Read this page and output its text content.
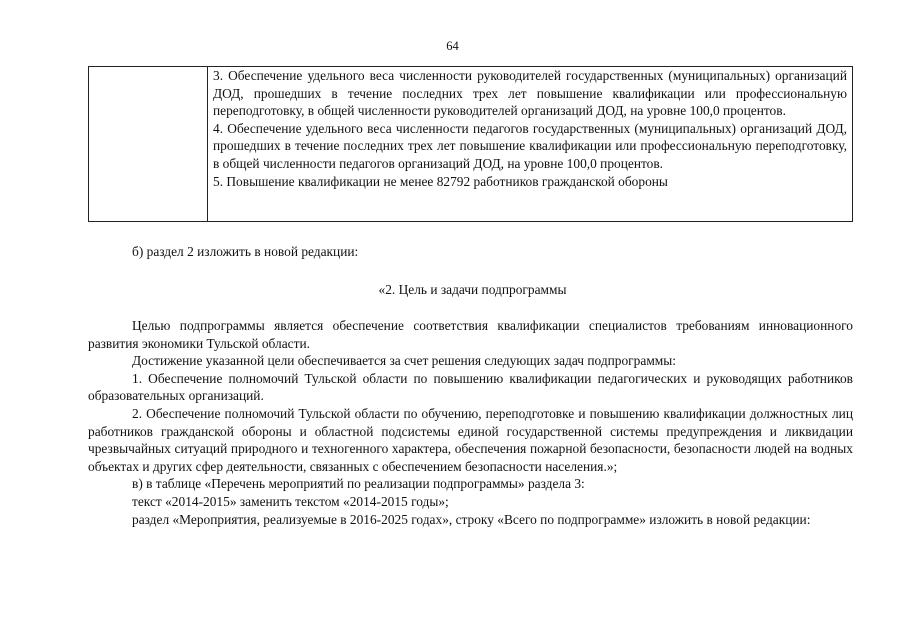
64

3. Обеспечение удельного веса численности руководителей государственных (муниципальных) организаций ДОД, прошедших в течение последних трех лет повышение квалификации или профессиональную переподготовку, в общей численности руководителей организаций ДОД, на уровне 100,0 процентов.

4. Обеспечение удельного веса численности педагогов государственных (муниципальных) организаций ДОД, прошедших в течение последних трех лет повышение квалификации или профессиональную переподготовку, в общей численности педагогов организаций ДОД, на уровне 100,0 процентов.

5. Повышение квалификации не менее 82792 работников гражданской обороны

б) раздел 2 изложить в новой редакции:
«2. Цель и задачи подпрограммы

Целью подпрограммы является обеспечение соответствия квалификации специалистов требованиям инновационного развития экономики Тульской области.

Достижение указанной цели обеспечивается за счет решения следующих задач подпрограммы:

1. Обеспечение полномочий Тульской области по повышению квалификации педагогических и руководящих работников образовательных организаций.

2. Обеспечение полномочий Тульской области по обучению, переподготовке и повышению квалификации должностных лиц работников гражданской обороны и областной подсистемы единой государственной системы предупреждения и ликвидации чрезвычайных ситуаций природного и техногенного характера, обеспечения пожарной безопасности, безопасности людей на водных объектах и других сфер деятельности, связанных с обеспечением безопасности населения.»;

в) в таблице «Перечень мероприятий по реализации подпрограммы» раздела 3:

текст «2014-2015» заменить текстом «2014-2015 годы»;

раздел «Мероприятия, реализуемые в 2016-2025 годах», строку «Всего по подпрограмме» изложить в новой редакции:
